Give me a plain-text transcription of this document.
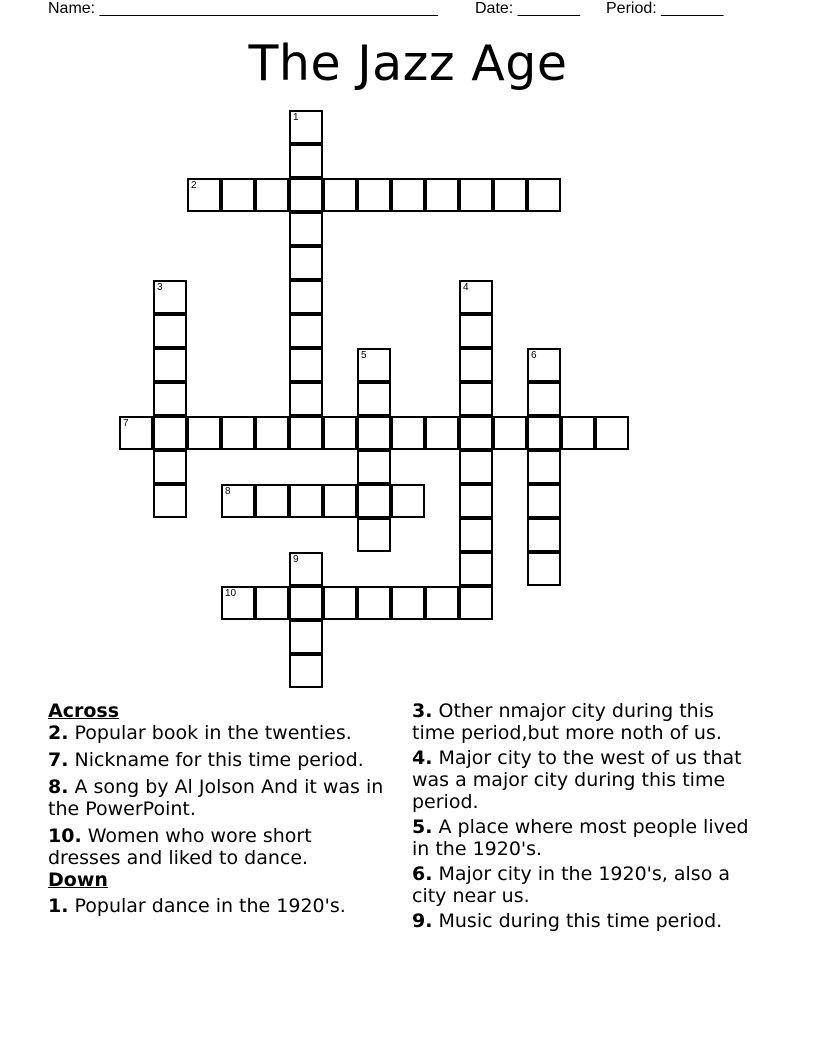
Name: ______________________________________ Date: _______ Period: _______
The Jazz Age
2
7
8
10
1
3	4
5	6
9
Across
2. Popular book in the twenties.
7. Nickname for this time period.
8. A song by Al Jolson And it was in the PowerPoint.
10. Women who wore short dresses and liked to dance.
Down
1. Popular dance in the 1920's.
3. Other nmajor city during this time period,but more noth of us.
4. Major city to the west of us that was a major city during this time period.
5. A place where most people lived in the 1920's.
6. Major city in the 1920's, also a city near us.
9. Music during this time period.
